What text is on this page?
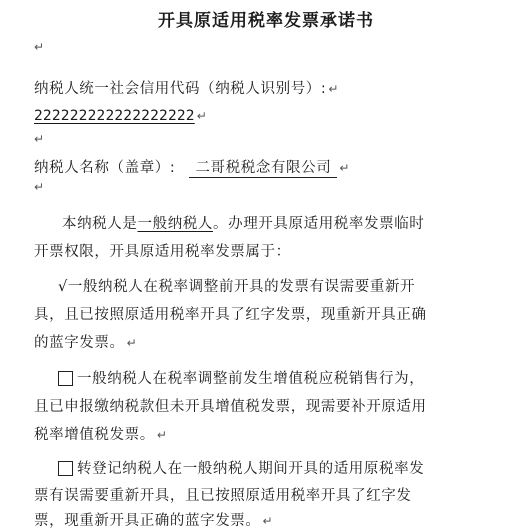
开具原适用税率发票承诺书
↵
纳税人统一社会信用代码（纳税人识别号）: ↵
222222222222222222 ↵
↵
纳税人名称（盖章）: 二哥税税念有限公司 ↵
↵
本纳税人是一般纳税人。办理开具原适用税率发票临时
开票权限，开具原适用税率发票属于：
√一般纳税人在税率调整前开具的发票有误需要重新开
具，且已按照原适用税率开具了红字发票，现重新开具正确
的蓝字发票。 ↵
一般纳税人在税率调整前发生增值税应税销售行为，
且已申报缴纳税款但未开具增值税发票，现需要补开原适用
税率增值税发票。 ↵
转登记纳税人在一般纳税人期间开具的适用原税率发
票有误需要重新开具，且已按照原适用税率开具了红字发
票，现重新开具正确的蓝字发票。 ↵
